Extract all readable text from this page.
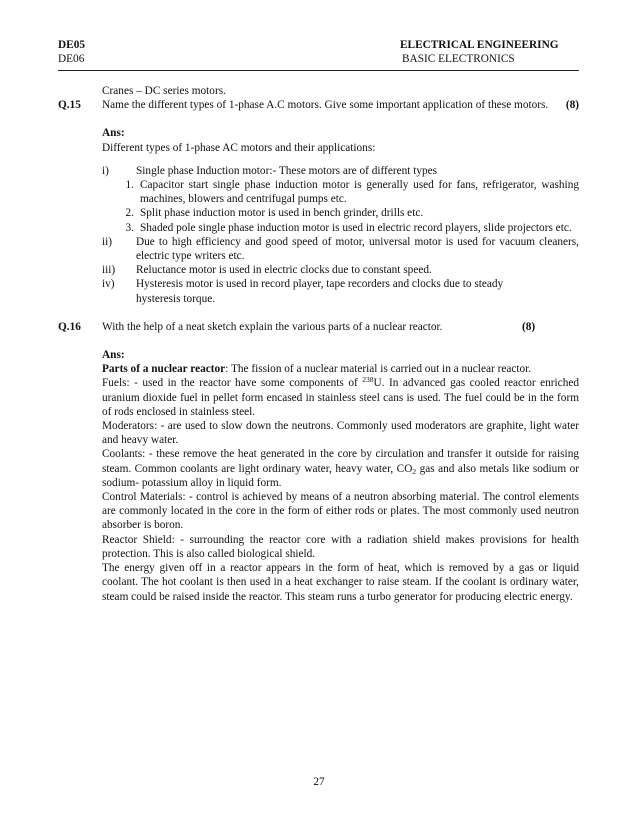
DE05
DE06
ELECTRICAL ENGINEERING
BASIC ELECTRONICS
Cranes – DC series motors.
Q.15	Name the different types of 1-phase A.C motors. Give some important application of these motors. (8)
Ans:
Different types of 1-phase AC motors and their applications:
i)	Single phase Induction motor:- These motors are of different types
1. Capacitor start single phase induction motor is generally used for fans, refrigerator, washing machines, blowers and centrifugal pumps etc.
2. Split phase induction motor is used in bench grinder, drills etc.
3. Shaded pole single phase induction motor is used in electric record players, slide projectors etc.
ii)	Due to high efficiency and good speed of motor, universal motor is used for vacuum cleaners, electric type writers etc.
iii)	Reluctance motor is used in electric clocks due to constant speed.
iv)	Hysteresis motor is used in record player, tape recorders and clocks due to steady hysteresis torque.
Q.16	With the help of a neat sketch explain the various parts of a nuclear reactor.	(8)
Ans:
Parts of a nuclear reactor: The fission of a nuclear material is carried out in a nuclear reactor.
Fuels: - used in the reactor have some components of $^{238}$U. In advanced gas cooled reactor enriched uranium dioxide fuel in pellet form encased in stainless steel cans is used. The fuel could be in the form of rods enclosed in stainless steel.
Moderators: - are used to slow down the neutrons. Commonly used moderators are graphite, light water and heavy water.
Coolants: - these remove the heat generated in the core by circulation and transfer it outside for raising steam. Common coolants are light ordinary water, heavy water, $CO_2$ gas and also metals like sodium or sodium- potassium alloy in liquid form.
Control Materials: - control is achieved by means of a neutron absorbing material. The control elements are commonly located in the core in the form of either rods or plates. The most commonly used neutron absorber is boron.
Reactor Shield: - surrounding the reactor core with a radiation shield makes provisions for health protection. This is also called biological shield.
The energy given off in a reactor appears in the form of heat, which is removed by a gas or liquid coolant. The hot coolant is then used in a heat exchanger to raise steam. If the coolant is ordinary water, steam could be raised inside the reactor. This steam runs a turbo generator for producing electric energy.
27
